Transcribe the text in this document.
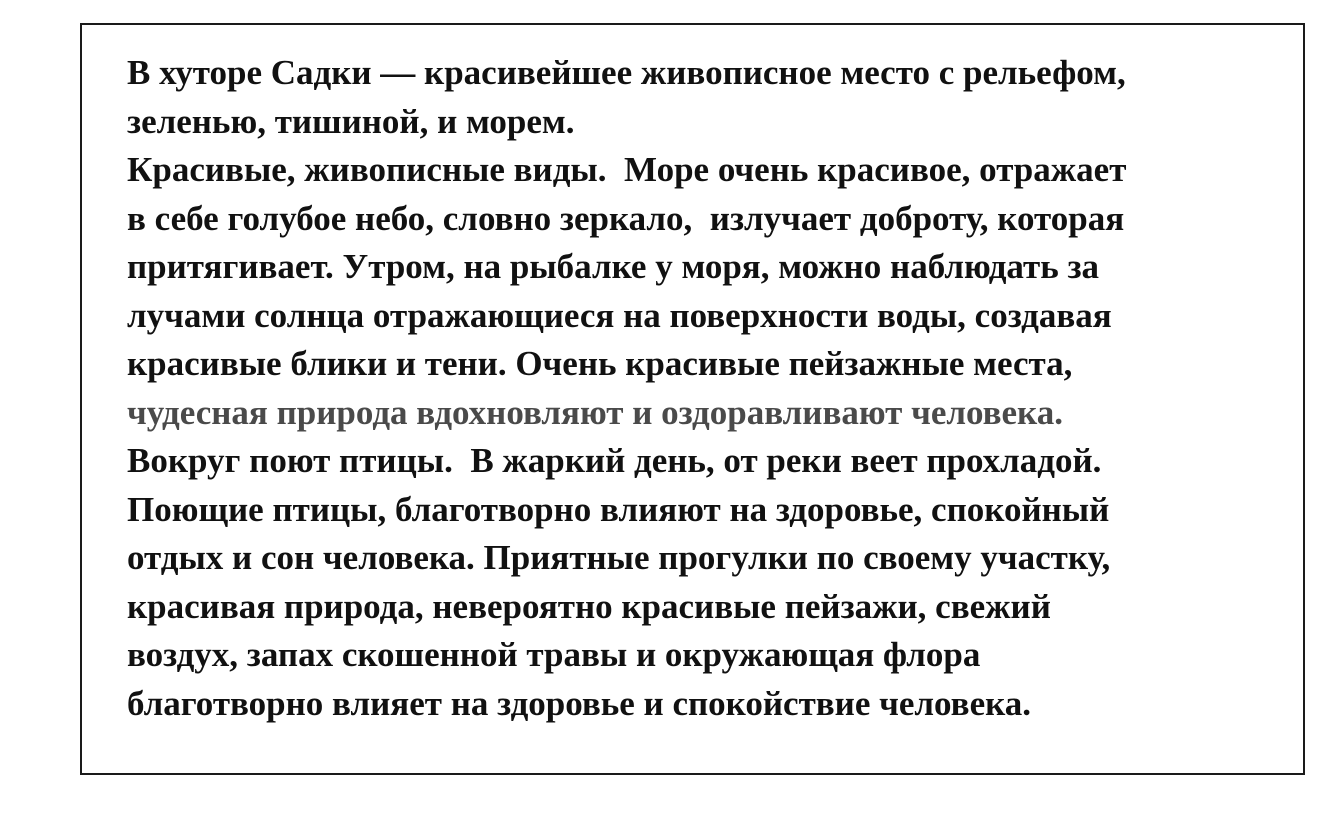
В хуторе Садки — красивейшее живописное место с рельефом,
зеленью, тишиной, и морем.
Красивые, живописные виды.  Море очень красивое, отражает
в себе голубое небо, словно зеркало,  излучает доброту, которая
притягивает. Утром, на рыбалке у моря, можно наблюдать за
лучами солнца отражающиеся на поверхности воды, создавая
красивые блики и тени. Очень красивые пейзажные места,
чудесная природа вдохновляют и оздоравливают человека.
Вокруг поют птицы.  В жаркий день, от реки веет прохладой.
Поющие птицы, благотворно влияют на здоровье, спокойный
отдых и сон человека. Приятные прогулки по своему участку,
красивая природа, невероятно красивые пейзажи, свежий
воздух, запах скошенной травы и окружающая флора
благотворно влияет на здоровье и спокойствие человека.
